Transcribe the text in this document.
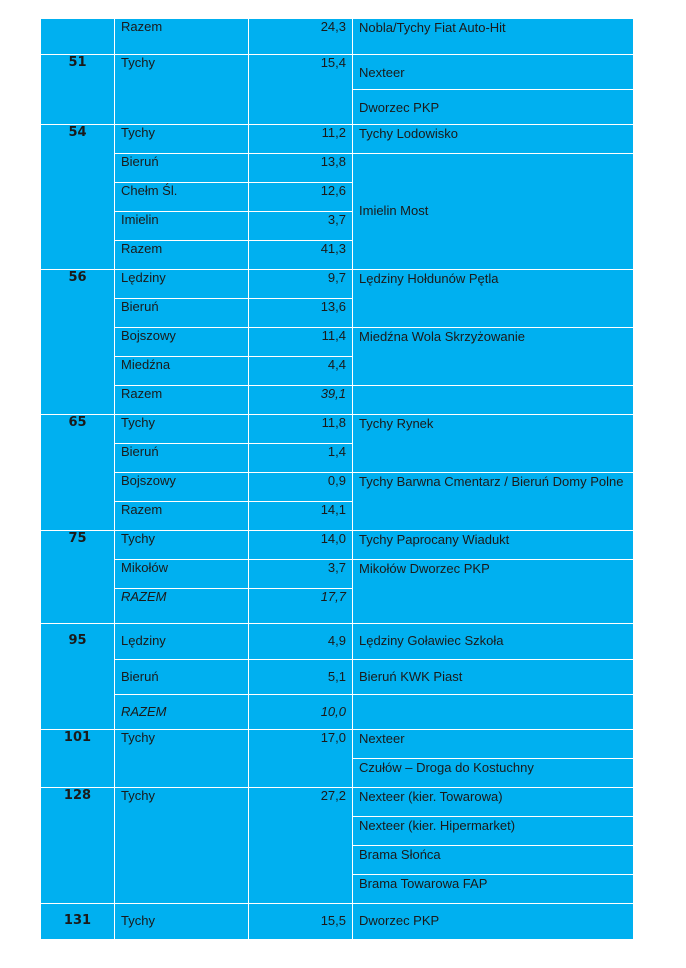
	Razem	24,3	Nobla/Tychy Fiat Auto-Hit
51	Tychy	15,4	Nexteer
			Dworzec PKP
54	Tychy	11,2	Tychy Lodowisko
	Bieruń	13,8	Imielin Most
	Chełm Śl.	12,6	
	Imielin	3,7	
	Razem	41,3	
56	Lędziny	9,7	Lędziny Hołdunów Pętla
	Bieruń	13,6	
	Bojszowy	11,4	Miedźna Wola Skrzyżowanie
	Miedźna	4,4	
	Razem	39,1	
65	Tychy	11,8	Tychy Rynek
	Bieruń	1,4	
	Bojszowy	0,9	Tychy Barwna Cmentarz / Bieruń Domy Polne
	Razem	14,1	
75	Tychy	14,0	Tychy Paprocany Wiadukt
	Mikołów	3,7	Mikołów Dworzec PKP
	RAZEM	17,7	
95	Lędziny	4,9	Lędziny Goławiec Szkoła
	Bieruń	5,1	Bieruń KWK Piast
	RAZEM	10,0	
101	Tychy	17,0	Nexteer
			Czułów – Droga do Kostuchny
128	Tychy	27,2	Nexteer (kier. Towarowa)
			Nexteer (kier. Hipermarket)
			Brama Słońca
			Brama Towarowa FAP
131	Tychy	15,5	Dworzec PKP
